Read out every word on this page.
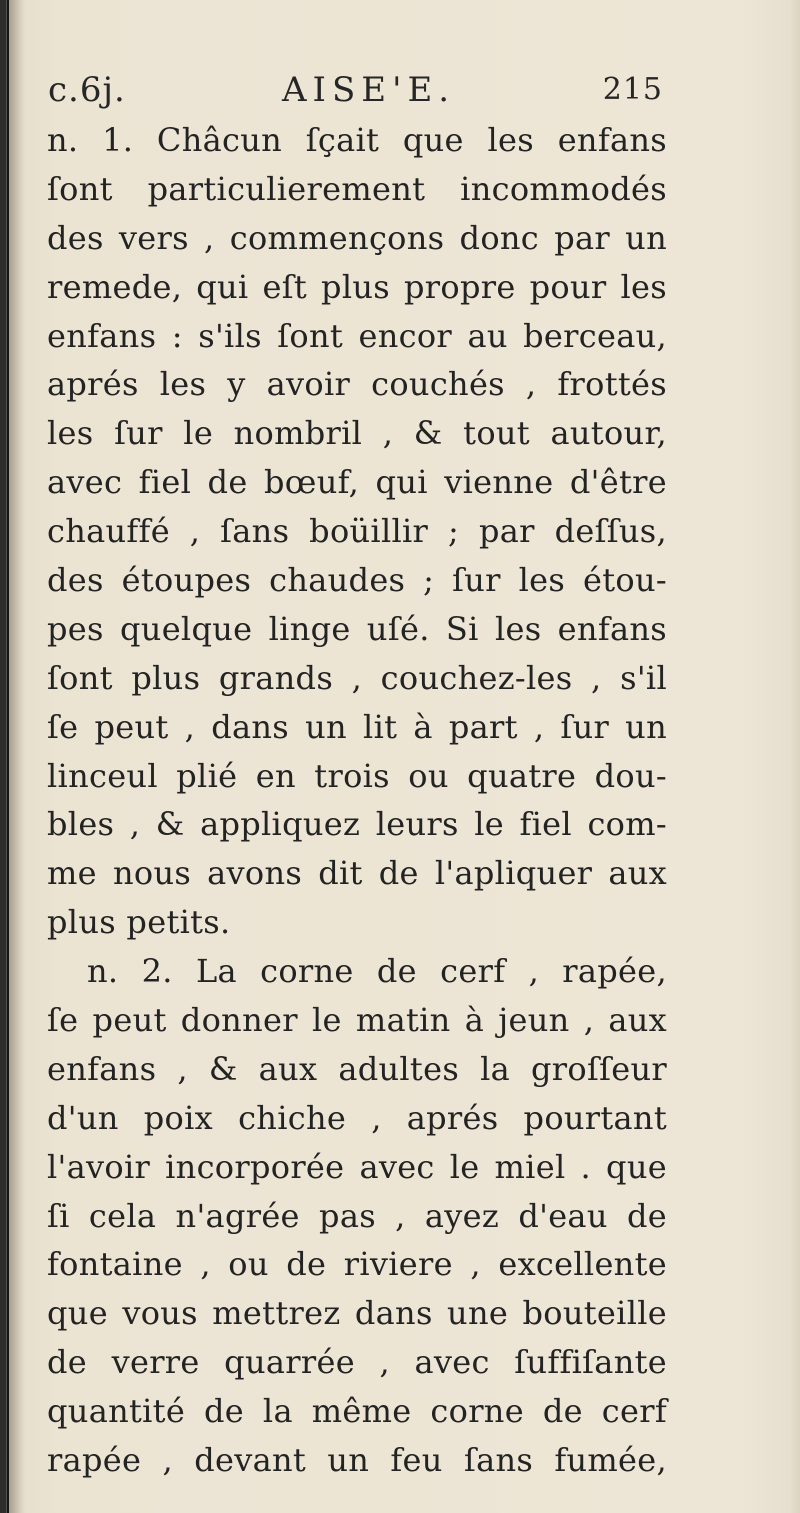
c.6j.	AISE'E.	215
n. 1. Châcun ſçait que les enfans
ſont particulierement incommodés
des vers , commençons donc par un
remede, qui eſt plus propre pour les
enfans : s'ils ſont encor au berceau,
aprés les y avoir couchés , frottés
les ſur le nombril , & tout autour,
avec fiel de bœuf, qui vienne d'être
chauffé , ſans boüillir ; par deſſus,
des étoupes chaudes ; ſur les étou-
pes quelque linge uſé. Si les enfans
ſont plus grands , couchez-les , s'il
ſe peut , dans un lit à part , ſur un
linceul plié en trois ou quatre dou-
bles , & appliquez leurs le fiel com-
me nous avons dit de l'apliquer aux
plus petits.
n. 2. La corne de cerf , rapée,
ſe peut donner le matin à jeun , aux
enfans , & aux adultes la groſſeur
d'un poix chiche , aprés pourtant
l'avoir incorporée avec le miel . que
ſi cela n'agrée pas , ayez d'eau de
fontaine , ou de riviere , excellente
que vous mettrez dans une bouteille
de verre quarrée , avec ſuffiſante
quantité de la même corne de cerf
rapée , devant un feu ſans fumée,
